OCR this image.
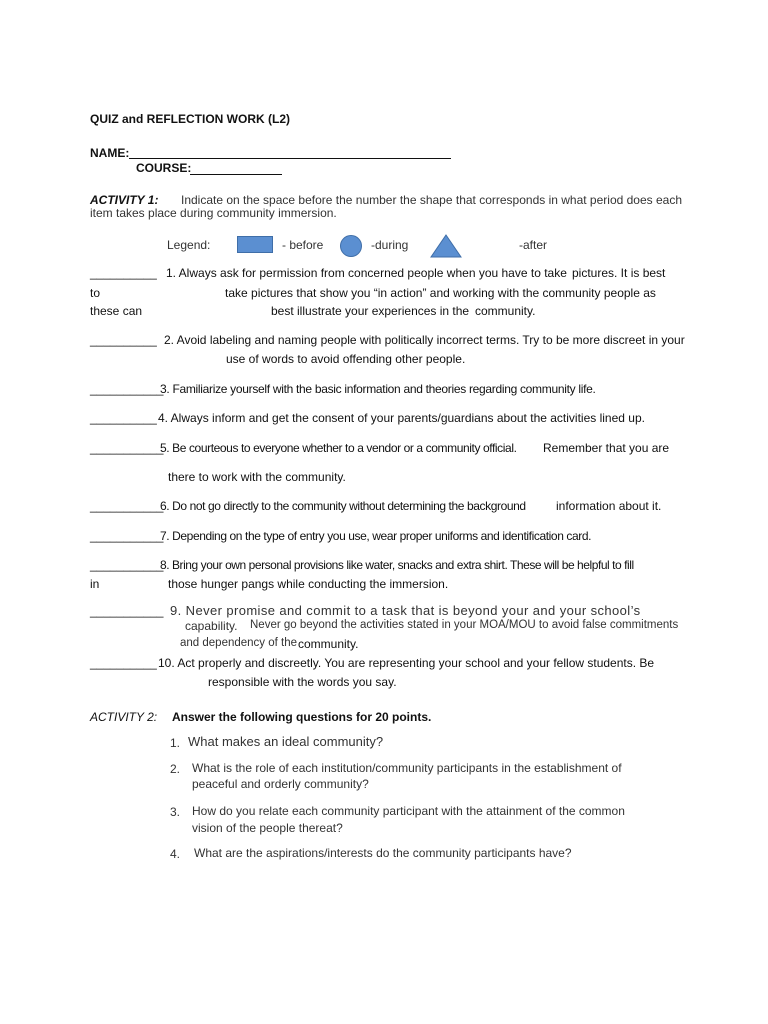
QUIZ and REFLECTION WORK (L2)
NAME:
COURSE:
ACTIVITY 1: Indicate on the space before the number the shape that corresponds in what period does each
item takes place during community immersion.
Legend:	- before	-during	-after
__________ 1. Always ask for permission from concerned people when you have to take pictures. It is best
to	take pictures that show you “in action” and working with the community people as
these can	best illustrate your experiences in the community.
__________ 2. Avoid labeling and naming people with politically incorrect terms. Try to be more discreet in your
use of words to avoid offending other people.
___________
3. Familiarize yourself with the basic information and theories regarding community life.
__________ 4. Always inform and get the consent of your parents/guardians about the activities lined up.
___________
5. Be courteous to everyone whether to a vendor or a community official. Remember that you are
there to work with the community.
___________
6. Do not go directly to the community without determining the background	information about it.
___________
7. Depending on the type of entry you use, wear proper uniforms and identification card.
___________
8. Bring your own personal provisions like water, snacks and extra shirt. These will be helpful to fill
in	those hunger pangs while conducting the immersion.
___________ 9. Never promise and commit to a task that is beyond your and your school’s
capability. Never go beyond the activities stated in your MOA/MOU to avoid false commitments
and dependency of the community.
__________ 10. Act properly and discreetly. You are representing your school and your fellow students. Be
responsible with the words you say.
ACTIVITY 2: Answer the following questions for 20 points.
1. What makes an ideal community?
2. What is the role of each institution/community participants in the establishment of
peaceful and orderly community?
3. How do you relate each community participant with the attainment of the common
vision of the people thereat?
4. What are the aspirations/interests do the community participants have?
